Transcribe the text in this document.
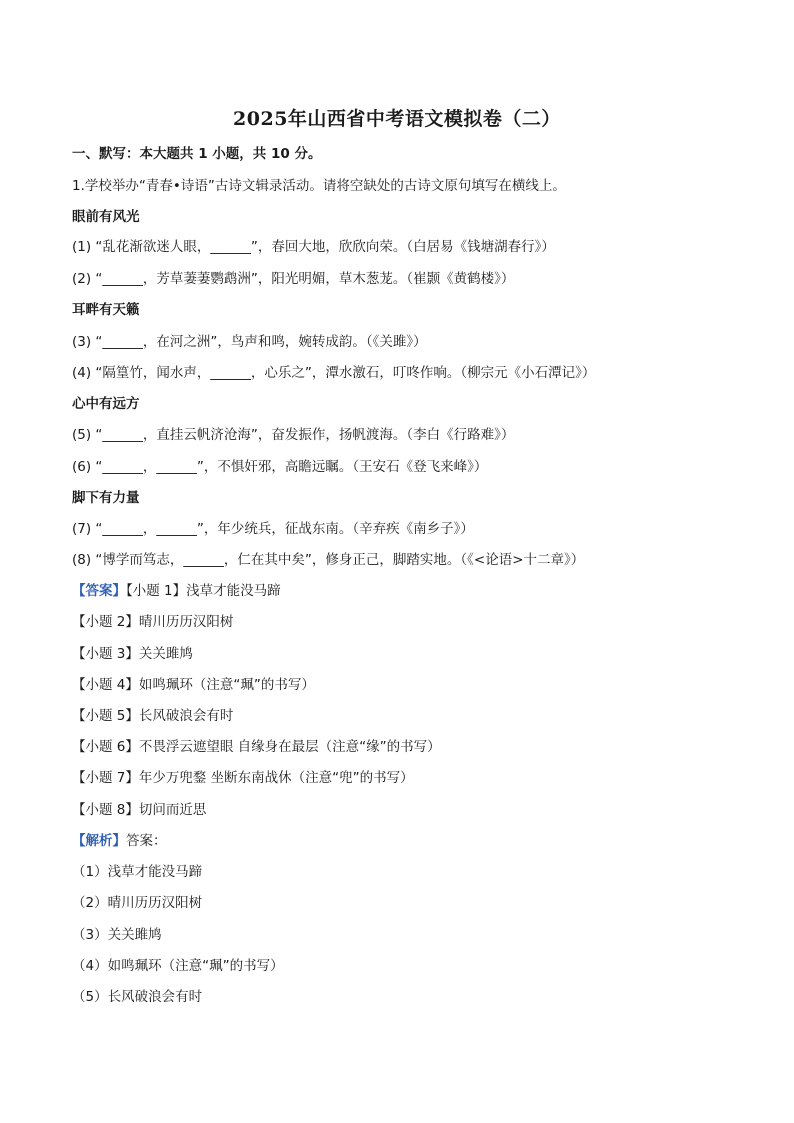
2025年山西省中考语文模拟卷（二）
一、默写：本大题共 1 小题，共 10 分。
1.学校举办“青春•诗语”古诗文辑录活动。请将空缺处的古诗文原句填写在横线上。
眼前有风光
(1) “乱花渐欲迷人眼，______”，春回大地，欣欣向荣。（白居易《钱塘湖春行》）
(2) “______，芳草萋萋鹦鹉洲”，阳光明媚，草木葱茏。（崔颢《黄鹤楼》）
耳畔有天籁
(3) “______，在河之洲”，鸟声和鸣，婉转成韵。（《关雎》）
(4) “隔篁竹，闻水声，______，心乐之”，潭水激石，叮咚作响。（柳宗元《小石潭记》）
心中有远方
(5) “______，直挂云帆济沧海”，奋发振作，扬帆渡海。（李白《行路难》）
(6) “______，______”，不惧奸邪，高瞻远瞩。（王安石《登飞来峰》）
脚下有力量
(7) “______，______”，年少统兵，征战东南。（辛弃疾《南乡子》）
(8) “博学而笃志，______，仁在其中矣”，修身正己，脚踏实地。（《<论语>十二章》）
【答案】【小题 1】浅草才能没马蹄
【小题 2】晴川历历汉阳树
【小题 3】关关雎鸠
【小题 4】如鸣珮环（注意“珮”的书写）
【小题 5】长风破浪会有时
【小题 6】不畏浮云遮望眼 自缘身在最层（注意“缘”的书写）
【小题 7】年少万兜鍪 坐断东南战休（注意“兜”的书写）
【小题 8】切问而近思
【解析】答案：
（1）浅草才能没马蹄
（2）晴川历历汉阳树
（3）关关雎鸠
（4）如鸣珮环（注意“珮”的书写）
（5）长风破浪会有时
